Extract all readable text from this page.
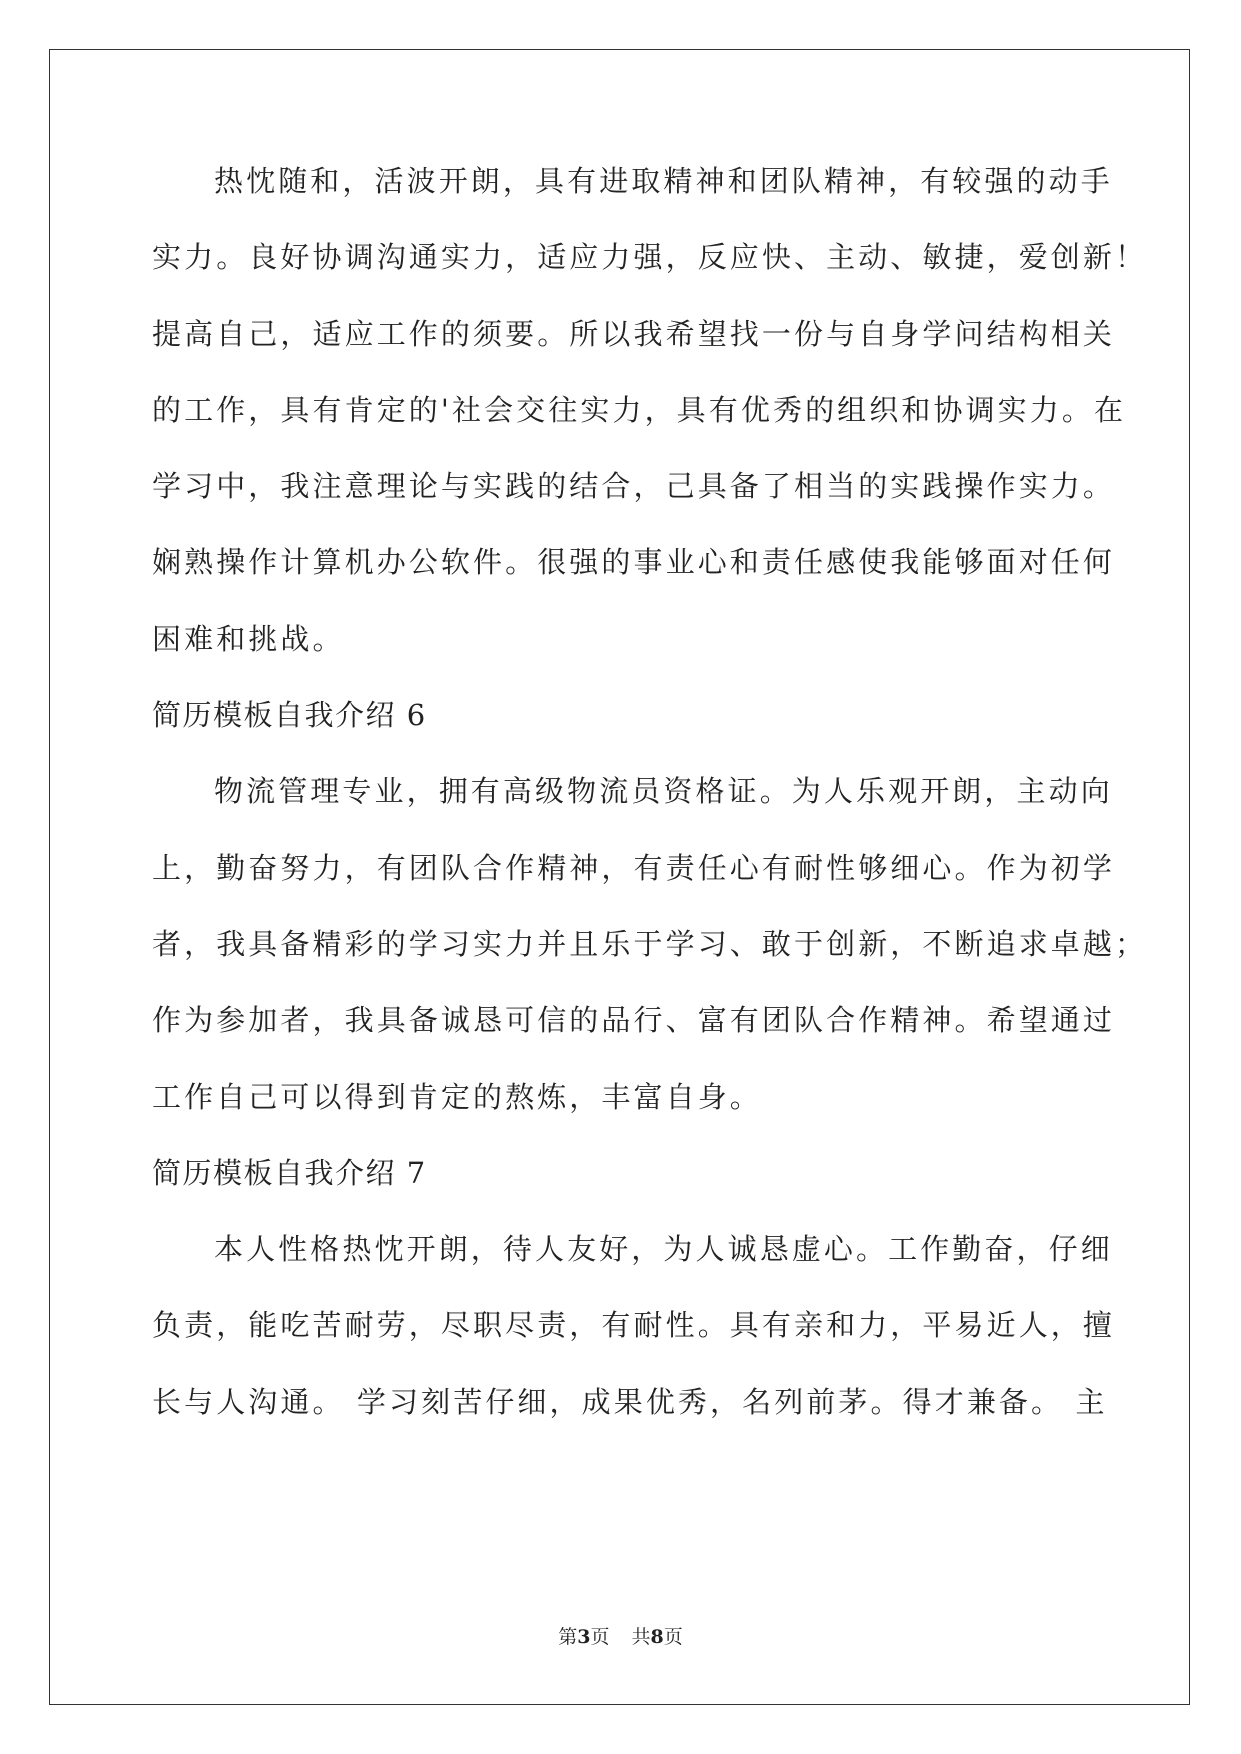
热忱随和，活波开朗，具有进取精神和团队精神，有较强的动手
实力。良好协调沟通实力，适应力强，反应快、主动、敏捷，爱创新！
提高自己，适应工作的须要。所以我希望找一份与自身学问结构相关
的工作，具有肯定的'社会交往实力，具有优秀的组织和协调实力。在
学习中，我注意理论与实践的结合，己具备了相当的实践操作实力。
娴熟操作计算机办公软件。很强的事业心和责任感使我能够面对任何
困难和挑战。
简历模板自我介绍 6
物流管理专业，拥有高级物流员资格证。为人乐观开朗，主动向
上，勤奋努力，有团队合作精神，有责任心有耐性够细心。作为初学
者，我具备精彩的学习实力并且乐于学习、敢于创新，不断追求卓越；
作为参加者，我具备诚恳可信的品行、富有团队合作精神。希望通过
工作自己可以得到肯定的熬炼，丰富自身。
简历模板自我介绍 7
本人性格热忱开朗，待人友好，为人诚恳虚心。工作勤奋，仔细
负责，能吃苦耐劳，尽职尽责，有耐性。具有亲和力，平易近人，擅
长与人沟通。 学习刻苦仔细，成果优秀，名列前茅。得才兼备。 主
第3页 共8页
